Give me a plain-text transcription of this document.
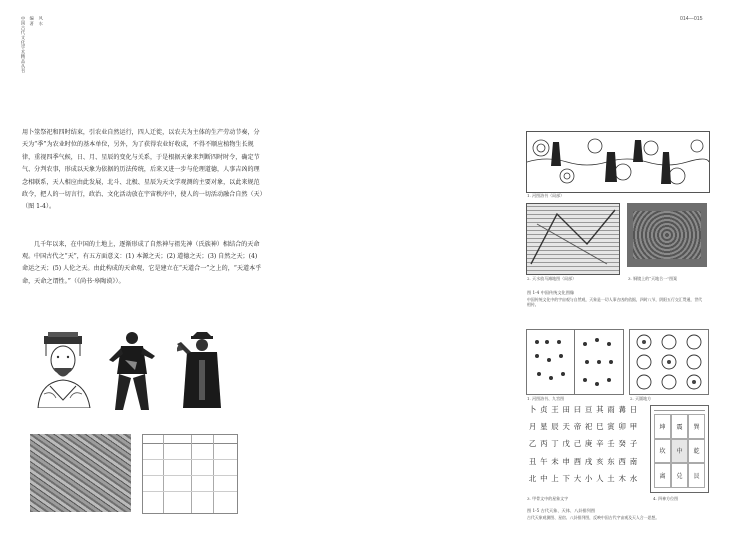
中国古代文化学术精品丛书 编 著 风 水	014—015
用卜筮祭祀和四时结束，引农业自然运行，四人迁徙，以农夫为主体的生产劳动节奏，分天为“季”为农业时位的基本单位，另外，为了获得农业好收成，不得不顺应植物生长规律，重视四季气候，日、月、星辰的变化与关系，于是根据天象来判断四时时令，确定节气、分判农事，形成以天象为依据的历法传统，后来又进一步与伦理道德，人事吉凶的理念相联系，天人相应由此发展，北斗、北极、星辰为天文学观测的主要对象，以此来规范政令，把人的一切言行，政治、文化活动放在宇宙秩序中，使人的一切活动融合自然（天）（图 1-4）。
几千年以来，在中国的土地上，逐渐形成了自然神与祖先神（氏族神）相结合的天命观。 中国古代之“天”，有五方面意义：(1) 本源之天；(2) 道德之天；(3) 自然之天；(4) 命运之天；(5) 人伦之天。由此构成的天命观，它是建立在“天道合一”之上的，“天道本乎命，天命之谓性。”（《尚书·皋陶谟》）。
1. 河图洛书（局部）
2. 天水放马滩地图（局部）	3. 铜镜上的“天地合一”图案
图 1-4 中国传统文化图像
中国传统文化中的宇宙观与自然观，天象是一切人事吉凶的依据，四时八节，阴阳五行交汇贯通，世代相传。
1. 河图洛书、九宫图	2. 天圆地方
卜 贞 王 田 曰 亘 其 雨 冓 日
月 星 辰 天 帝 祀 巳 寅 卯 甲
乙 丙 丁 戊 己 庚 辛 壬 癸 子
丑 午 未 申 酉 戌 亥 东 西 南
北 中 上 下 大 小 人 土 木 水
坤	震	巽
坎	中	乾
离	兑	艮
3. 甲骨文中的星象文字	4. 四神方位图
图 1-5 古代天象、天体、八卦排列图
古代天象观测图、星宿、八卦排列图，反映中国古代宇宙观及天人合一思想。
